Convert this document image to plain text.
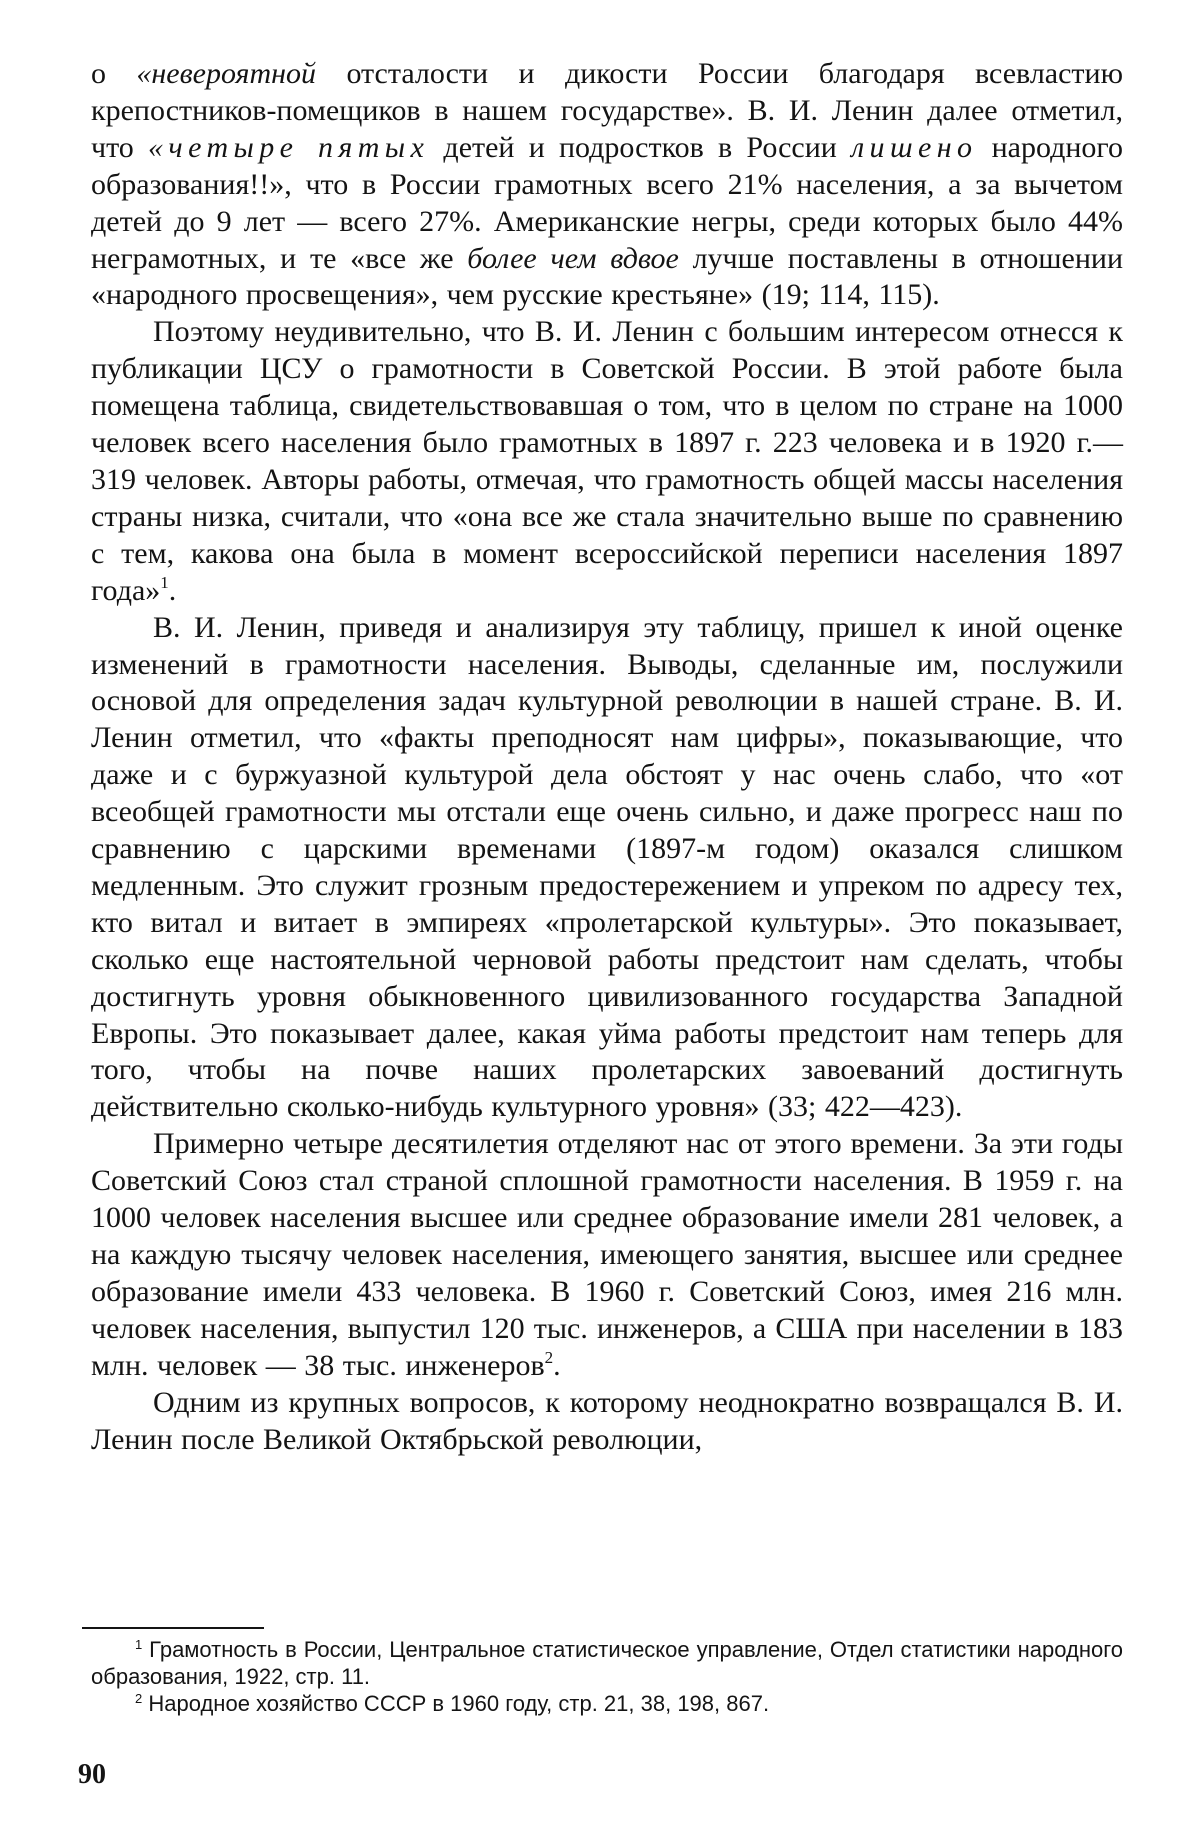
о «невероятной отсталости и дикости России благодаря всевластию крепостников-помещиков в нашем государстве». В. И. Ленин далее отметил, что «четыре пятых детей и подростков в России лишено народного образования!!», что в России грамотных всего 21% населения, а за вычетом детей до 9 лет — всего 27%. Американские негры, среди которых было 44% неграмотных, и те «все же более чем вдвое лучше поставлены в отношении «народного просвещения», чем русские крестьяне» (19; 114, 115).

Поэтому неудивительно, что В. И. Ленин с большим интересом отнесся к публикации ЦСУ о грамотности в Советской России. В этой работе была помещена таблица, свидетельствовавшая о том, что в целом по стране на 1000 человек всего населения было грамотных в 1897 г. 223 человека и в 1920 г.— 319 человек. Авторы работы, отмечая, что грамотность общей массы населения страны низка, считали, что «она все же стала значительно выше по сравнению с тем, какова она была в момент всероссийской переписи населения 1897 года»$^1$.

В. И. Ленин, приведя и анализируя эту таблицу, пришел к иной оценке изменений в грамотности населения. Выводы, сделанные им, послужили основой для определения задач культурной революции в нашей стране. В. И. Ленин отметил, что «факты преподносят нам цифры», показывающие, что даже и с буржуазной культурой дела обстоят у нас очень слабо, что «от всеобщей грамотности мы отстали еще очень сильно, и даже прогресс наш по сравнению с царскими временами (1897-м годом) оказался слишком медленным. Это служит грозным предостережением и упреком по адресу тех, кто витал и витает в эмпиреях «пролетарской культуры». Это показывает, сколько еще настоятельной черновой работы предстоит нам сделать, чтобы достигнуть уровня обыкновенного цивилизованного государства Западной Европы. Это показывает далее, какая уйма работы предстоит нам теперь для того, чтобы на почве наших пролетарских завоеваний достигнуть действительно сколько-нибудь культурного уровня» (33; 422—423).

Примерно четыре десятилетия отделяют нас от этого времени. За эти годы Советский Союз стал страной сплошной грамотности населения. В 1959 г. на 1000 человек населения высшее или среднее образование имели 281 человек, а на каждую тысячу человек населения, имеющего занятия, высшее или среднее образование имели 433 человека. В 1960 г. Советский Союз, имея 216 млн. человек населения, выпустил 120 тыс. инженеров, а США при населении в 183 млн. человек — 38 тыс. инженеров$^2$.

Одним из крупных вопросов, к которому неоднократно возвращался В. И. Ленин после Великой Октябрьской революции,

$^1$ Грамотность в России, Центральное статистическое управление, Отдел статистики народного образования, 1922, стр. 11.

$^2$ Народное хозяйство СССР в 1960 году, стр. 21, 38, 198, 867.

90
